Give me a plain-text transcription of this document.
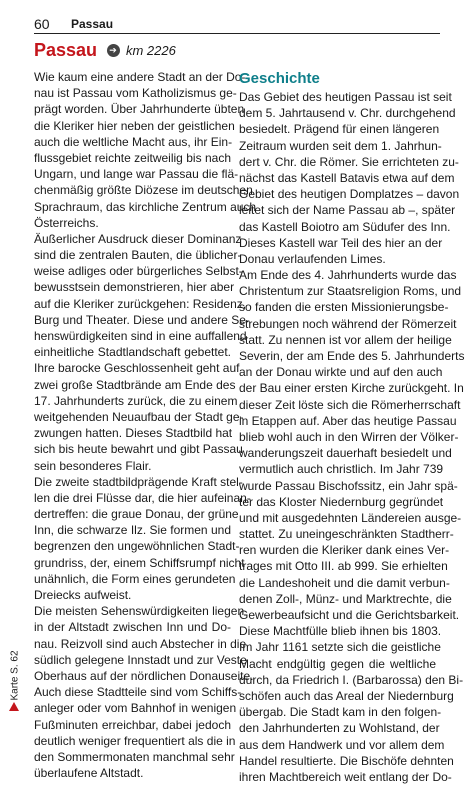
60 Passau
Passau ➔ km 2226
Wie kaum eine andere Stadt an der Do-
nau ist Passau vom Katholizismus ge-
prägt worden. Über Jahrhunderte übten
die Kleriker hier neben der geistlichen
auch die weltliche Macht aus, ihr Ein-
flussgebiet reichte zeitweilig bis nach
Ungarn, und lange war Passau die flä-
chenmäßig größte Diözese im deutschen
Sprachraum, das kirchliche Zentrum auch
Österreichs.
Äußerlicher Ausdruck dieser Dominanz
sind die zentralen Bauten, die üblicher-
weise adliges oder bürgerliches Selbst-
bewusstsein demonstrieren, hier aber
auf die Kleriker zurückgehen: Residenz,
Burg und Theater. Diese und andere Se-
henswürdigkeiten sind in eine auffallend
einheitliche Stadtlandschaft gebettet.
Ihre barocke Geschlossenheit geht auf
zwei große Stadtbrände am Ende des
17. Jahrhunderts zurück, die zu einem
weitgehenden Neuaufbau der Stadt ge-
zwungen hatten. Dieses Stadtbild hat
sich bis heute bewahrt und gibt Passau
sein besonderes Flair.
Die zweite stadtbildprägende Kraft stel-
len die drei Flüsse dar, die hier aufeinan-
dertreffen: die graue Donau, der grüne
Inn, die schwarze Ilz. Sie formen und
begrenzen den ungewöhnlichen Stadt-
grundriss, der, einem Schiffsrumpf nicht
unähnlich, die Form eines gerundeten
Dreiecks aufweist.
Die meisten Sehenswürdigkeiten liegen
in der Altstadt zwischen Inn und Do-
nau. Reizvoll sind auch Abstecher in die
südlich gelegene Innstadt und zur Veste
Oberhaus auf der nördlichen Donauseite.
Auch diese Stadtteile sind vom Schiffs-
anleger oder vom Bahnhof in wenigen
Fußminuten erreichbar, dabei jedoch
deutlich weniger frequentiert als die in
den Sommermonaten manchmal sehr
überlaufene Altstadt.
Geschichte
Das Gebiet des heutigen Passau ist seit
dem 5. Jahrtausend v. Chr. durchgehend
besiedelt. Prägend für einen längeren
Zeitraum wurden seit dem 1. Jahrhun-
dert v. Chr. die Römer. Sie errichteten zu-
nächst das Kastell Batavis etwa auf dem
Gebiet des heutigen Domplatzes – davon
leitet sich der Name Passau ab –, später
das Kastell Boiotro am Südufer des Inn.
Dieses Kastell war Teil des hier an der
Donau verlaufenden Limes.
Am Ende des 4. Jahrhunderts wurde das
Christentum zur Staatsreligion Roms, und
so fanden die ersten Missionierungsbe-
strebungen noch während der Römerzeit
statt. Zu nennen ist vor allem der heilige
Severin, der am Ende des 5. Jahrhunderts
an der Donau wirkte und auf den auch
der Bau einer ersten Kirche zurückgeht. In
dieser Zeit löste sich die Römerherrschaft
in Etappen auf. Aber das heutige Passau
blieb wohl auch in den Wirren der Völker-
wanderungszeit dauerhaft besiedelt und
vermutlich auch christlich. Im Jahr 739
wurde Passau Bischofssitz, ein Jahr spä-
ter das Kloster Niedernburg gegründet
und mit ausgedehnten Ländereien ausge-
stattet. Zu uneingeschränkten Stadtherr-
ren wurden die Kleriker dank eines Ver-
trages mit Otto III. ab 999. Sie erhielten
die Landeshoheit und die damit verbun-
denen Zoll-, Münz- und Marktrechte, die
Gewerbeaufsicht und die Gerichtsbarkeit.
Diese Machtfülle blieb ihnen bis 1803.
Im Jahr 1161 setzte sich die geistliche
Macht endgültig gegen die weltliche
durch, da Friedrich I. (Barbarossa) den Bi-
schöfen auch das Areal der Niedernburg
übergab. Die Stadt kam in den folgen-
den Jahrhunderten zu Wohlstand, der
aus dem Handwerk und vor allem dem
Handel resultierte. Die Bischöfe dehnten
ihren Machtbereich weit entlang der Do-
Karte S. 62
